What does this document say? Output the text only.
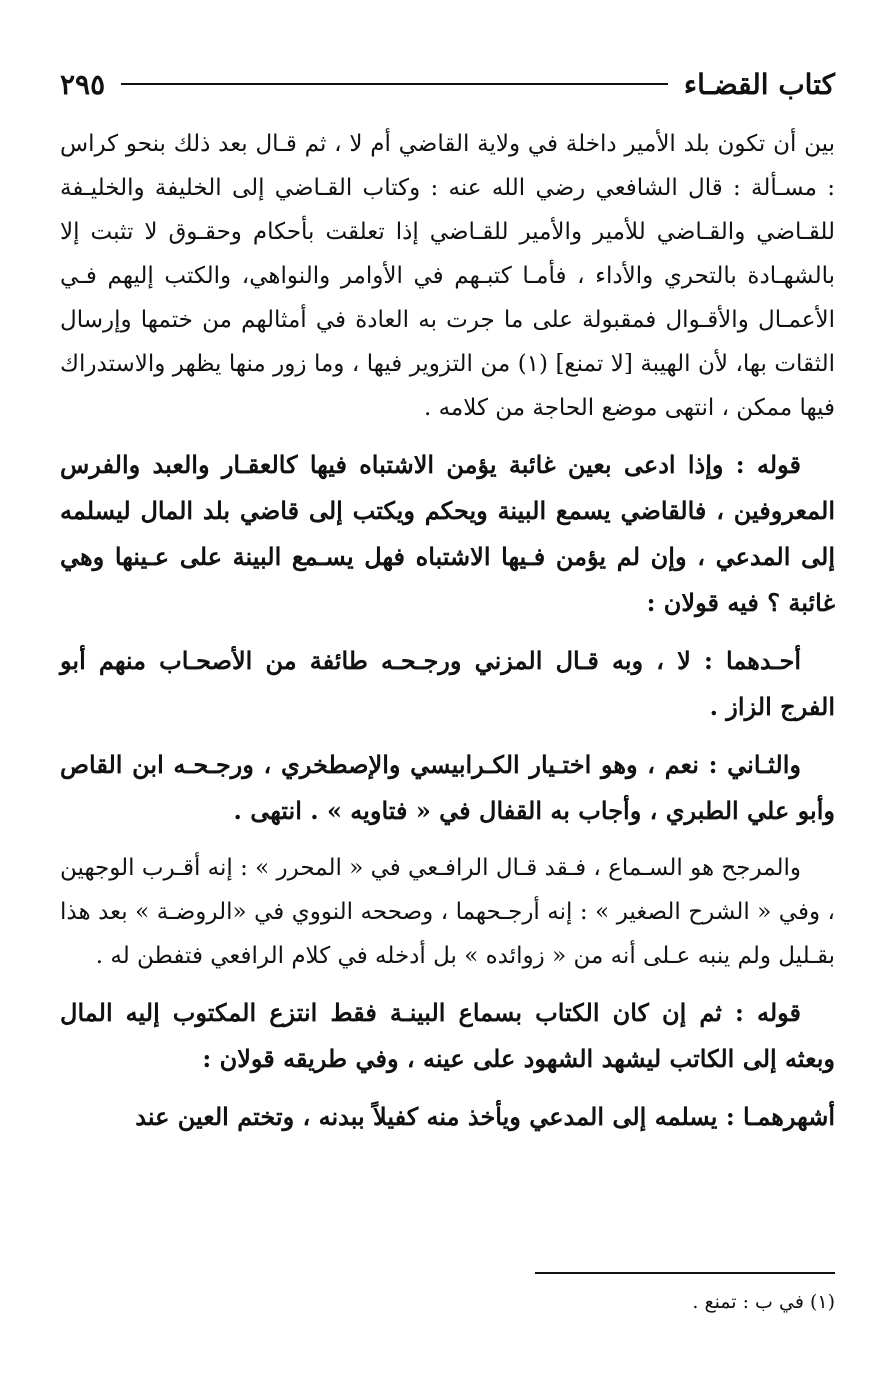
كتاب القضـاء
٢٩٥

بين أن تكون بلد الأمير داخلة في ولاية القاضي أم لا ، ثم قـال بعد ذلك بنحو كراس : مسـألة : قال الشافعي رضي الله عنه : وكتاب القـاضي إلى الخليفة والخليـفة للقـاضي والقـاضي للأمير والأمير للقـاضي إذا تعلقت بأحكام وحقـوق لا تثبت إلا بالشهـادة بالتحري والأداء ، فأمـا كتبـهم في الأوامر والنواهي، والكتب إليهم فـي الأعمـال والأقـوال فمقبولة على ما جرت به العادة في أمثالهم من ختمها وإرسال الثقات بها، لأن الهيبة [لا تمنع] (١) من التزوير فيها ، وما زور منها يظهر والاستدراك فيها ممكن ، انتهى موضع الحاجة من كلامه .

قوله : وإذا ادعى بعين غائبة يؤمن الاشتباه فيها كالعقـار والعبد والفرس المعروفين ، فالقاضي يسمع البينة ويحكم ويكتب إلى قاضي بلد المال ليسلمه إلى المدعي ، وإن لم يؤمن فـيها الاشتباه فهل يسـمع البينة على عـينها وهي غائبة ؟ فيه قولان :

أحـدهما : لا ، وبه قـال المزني ورجـحـه طائفة من الأصحـاب منهم أبو الفرج الزاز .

والثـاني : نعم ، وهو اختـيار الكـرابيسي والإصطخري ، ورجـحـه ابن القاص وأبو علي الطبري ، وأجاب به القفال في « فتاويه » . انتهى .

والمرجح هو السـماع ، فـقد قـال الرافـعي في « المحرر » : إنه أقـرب الوجهين ، وفي « الشرح الصغير » : إنه أرجـحهما ، وصححه النووي في «الروضـة » بعد هذا بقـليل ولم ينبه عـلى أنه من « زوائده » بل أدخله في كلام الرافعي فتفطن له .

قوله : ثم إن كان الكتاب بسماع البينـة فقط انتزع المكتوب إليه المال وبعثه إلى الكاتب ليشهد الشهود على عينه ، وفي طريقه قولان :

أشهرهمـا : يسلمه إلى المدعي ويأخذ منه كفيلاً ببدنه ، وتختم العين عند

(١) في ب : تمنع .
